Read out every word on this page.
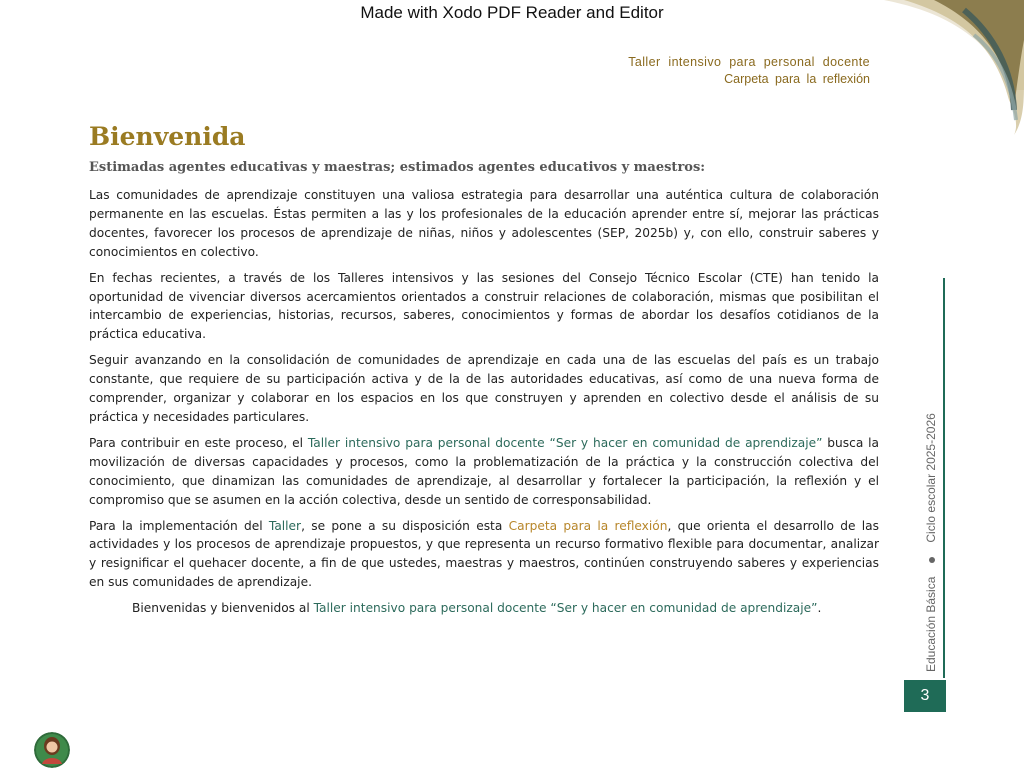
Made with Xodo PDF Reader and Editor
Taller intensivo para personal docente
Carpeta para la reflexión
Bienvenida
Estimadas agentes educativas y maestras; estimados agentes educativos y maestros:

Las comunidades de aprendizaje constituyen una valiosa estrategia para desarrollar una auténtica cultura de colaboración permanente en las escuelas. Éstas permiten a las y los profesionales de la educación aprender entre sí, mejorar las prácticas docentes, favorecer los procesos de aprendizaje de niñas, niños y adolescentes (SEP, 2025b) y, con ello, construir saberes y conocimientos en colectivo.

En fechas recientes, a través de los Talleres intensivos y las sesiones del Consejo Técnico Escolar (CTE) han tenido la oportunidad de vivenciar diversos acercamientos orientados a construir relaciones de colaboración, mismas que posibilitan el intercambio de experiencias, historias, recursos, saberes, conocimientos y formas de abordar los desafíos cotidianos de la práctica educativa.

Seguir avanzando en la consolidación de comunidades de aprendizaje en cada una de las escuelas del país es un trabajo constante, que requiere de su participación activa y de la de las autoridades educativas, así como de una nueva forma de comprender, organizar y colaborar en los espacios en los que construyen y aprenden en colectivo desde el análisis de su práctica y necesidades particulares.

Para contribuir en este proceso, el Taller intensivo para personal docente “Ser y hacer en comunidad de aprendizaje” busca la movilización de diversas capacidades y procesos, como la problematización de la práctica y la construcción colectiva del conocimiento, que dinamizan las comunidades de aprendizaje, al desarrollar y fortalecer la participación, la reflexión y el compromiso que se asumen en la acción colectiva, desde un sentido de corresponsabilidad.

Para la implementación del Taller, se pone a su disposición esta Carpeta para la reflexión, que orienta el desarrollo de las actividades y los procesos de aprendizaje propuestos, y que representa un recurso formativo flexible para documentar, analizar y resignificar el quehacer docente, a fin de que ustedes, maestras y maestros, continúen construyendo saberes y experiencias en sus comunidades de aprendizaje.

Bienvenidas y bienvenidos al Taller intensivo para personal docente “Ser y hacer en comunidad de aprendizaje”.	Educación BásicaCiclo escolar 2025-2026
3
